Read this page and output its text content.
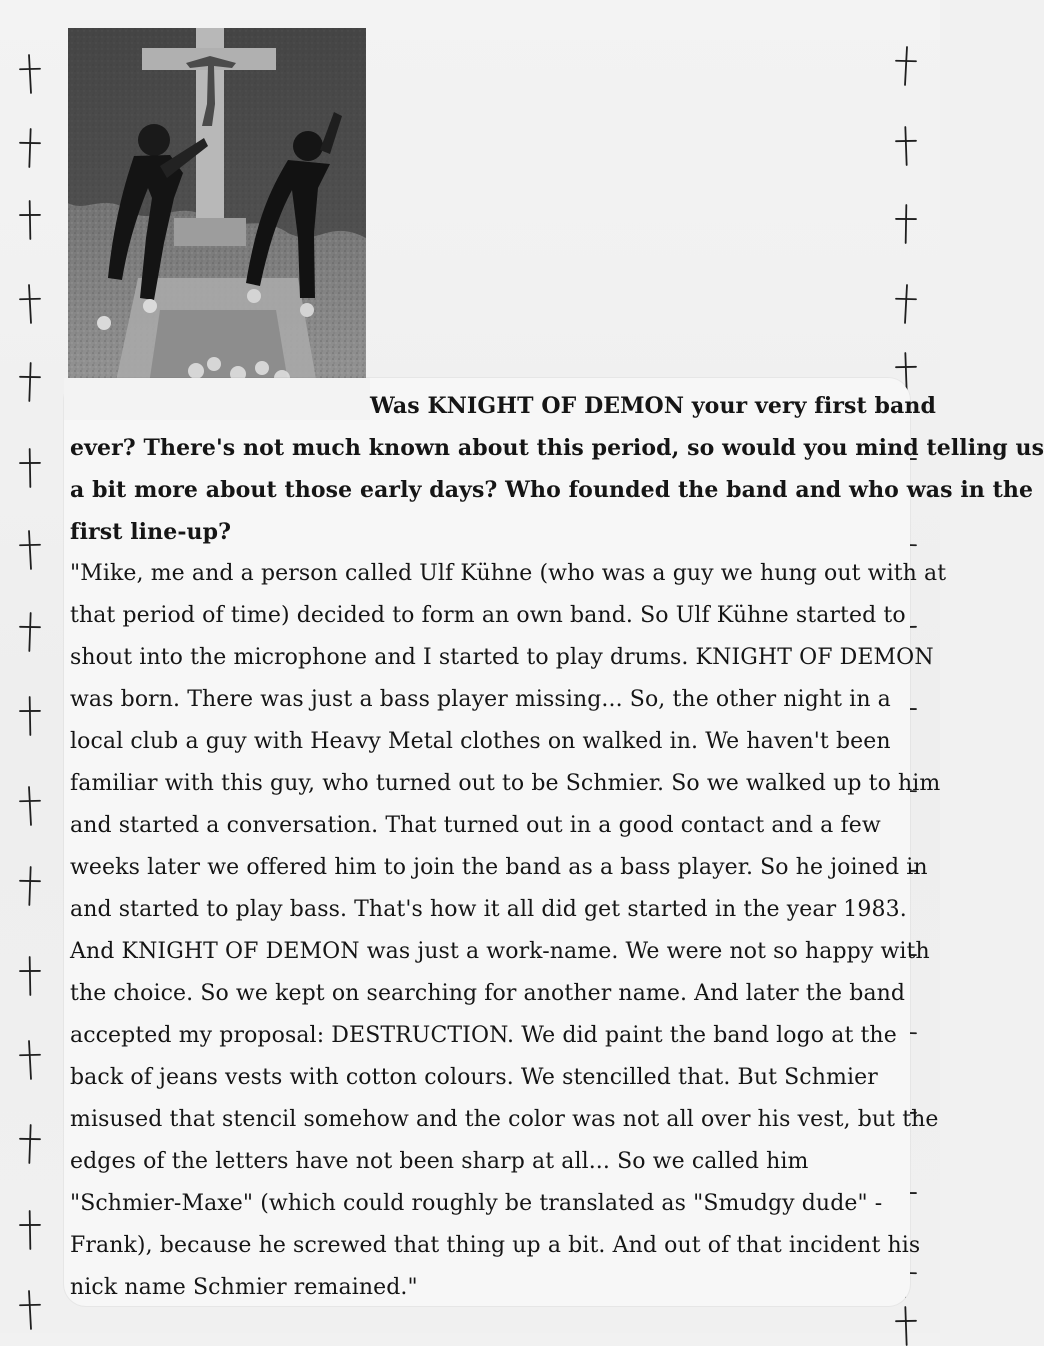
Was KNIGHT OF DEMON your very first band
ever? There's not much known about this period, so would you mind telling us
a bit more about those early days? Who founded the band and who was in the
first line-up?
"Mike, me and a person called Ulf Kühne (who was a guy we hung out with at
that period of time) decided to form an own band. So Ulf Kühne started to
shout into the microphone and I started to play drums. KNIGHT OF DEMON
was born. There was just a bass player missing... So, the other night in a
local club a guy with Heavy Metal clothes on walked in. We haven't been
familiar with this guy, who turned out to be Schmier. So we walked up to him
and started a conversation. That turned out in a good contact and a few
weeks later we offered him to join the band as a bass player. So he joined in
and started to play bass. That's how it all did get started in the year 1983.
And KNIGHT OF DEMON was just a work-name. We were not so happy with
the choice. So we kept on searching for another name. And later the band
accepted my proposal: DESTRUCTION. We did paint the band logo at the
back of jeans vests with cotton colours. We stencilled that. But Schmier
misused that stencil somehow and the color was not all over his vest, but the
edges of the letters have not been sharp at all... So we called him
"Schmier-Maxe" (which could roughly be translated as "Smudgy dude" -
Frank), because he screwed that thing up a bit. And out of that incident his
nick name Schmier remained."
